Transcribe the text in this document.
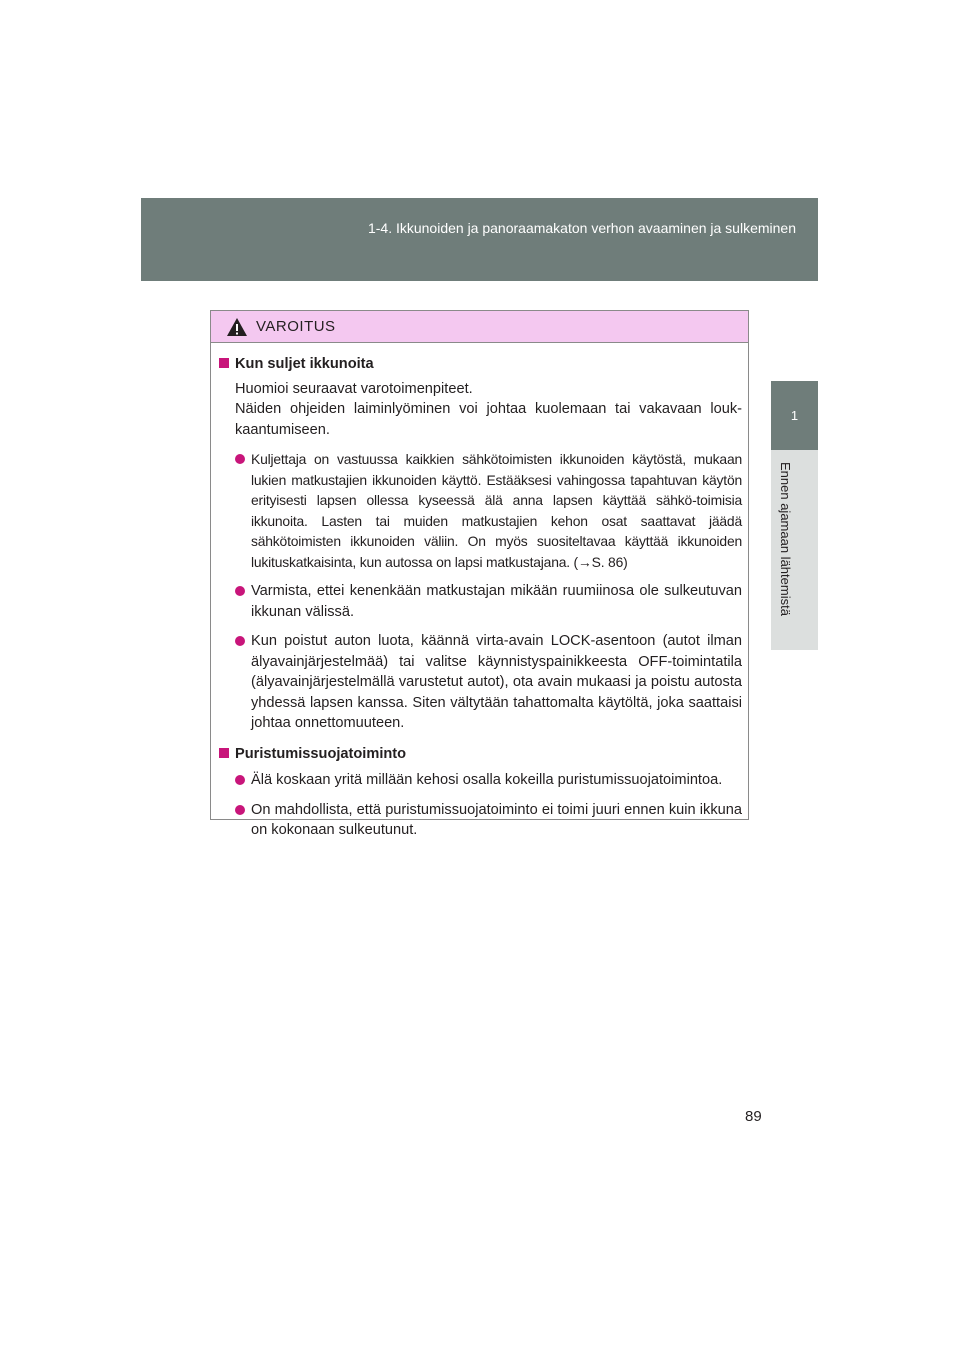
1-4. Ikkunoiden ja panoraamakaton verhon avaaminen ja sulkeminen
1
Ennen ajamaan lähtemistä
VAROITUS
Kun suljet ikkunoita

Huomioi seuraavat varotoimenpiteet.
Näiden ohjeiden laiminlyöminen voi johtaa kuolemaan tai vakavaan louk-kaantumiseen.

Kuljettaja on vastuussa kaikkien sähkötoimisten ikkunoiden käytöstä, mukaan lukien matkustajien ikkunoiden käyttö. Estääksesi vahingossa tapahtuvan käytön erityisesti lapsen ollessa kyseessä älä anna lapsen käyttää sähkö-toimisia ikkunoita. Lasten tai muiden matkustajien kehon osat saattavat jäädä sähkötoimisten ikkunoiden väliin. On myös suositeltavaa käyttää ikkunoiden lukituskatkaisinta, kun autossa on lapsi matkustajana. (→S. 86)
Varmista, ettei kenenkään matkustajan mikään ruumiinosa ole sulkeutuvan ikkunan välissä.
Kun poistut auton luota, käännä virta-avain LOCK-asentoon (autot ilman älyavainjärjestelmää) tai valitse käynnistyspainikkeesta OFF-toimintatila (älyavainjärjestelmällä varustetut autot), ota avain mukaasi ja poistu autosta yhdessä lapsen kanssa. Siten vältytään tahattomalta käytöltä, joka saattaisi johtaa onnettomuuteen.
Puristumissuojatoiminto
Älä koskaan yritä millään kehosi osalla kokeilla puristumissuojatoimintoa.
On mahdollista, että puristumissuojatoiminto ei toimi juuri ennen kuin ikkuna on kokonaan sulkeutunut.
89
